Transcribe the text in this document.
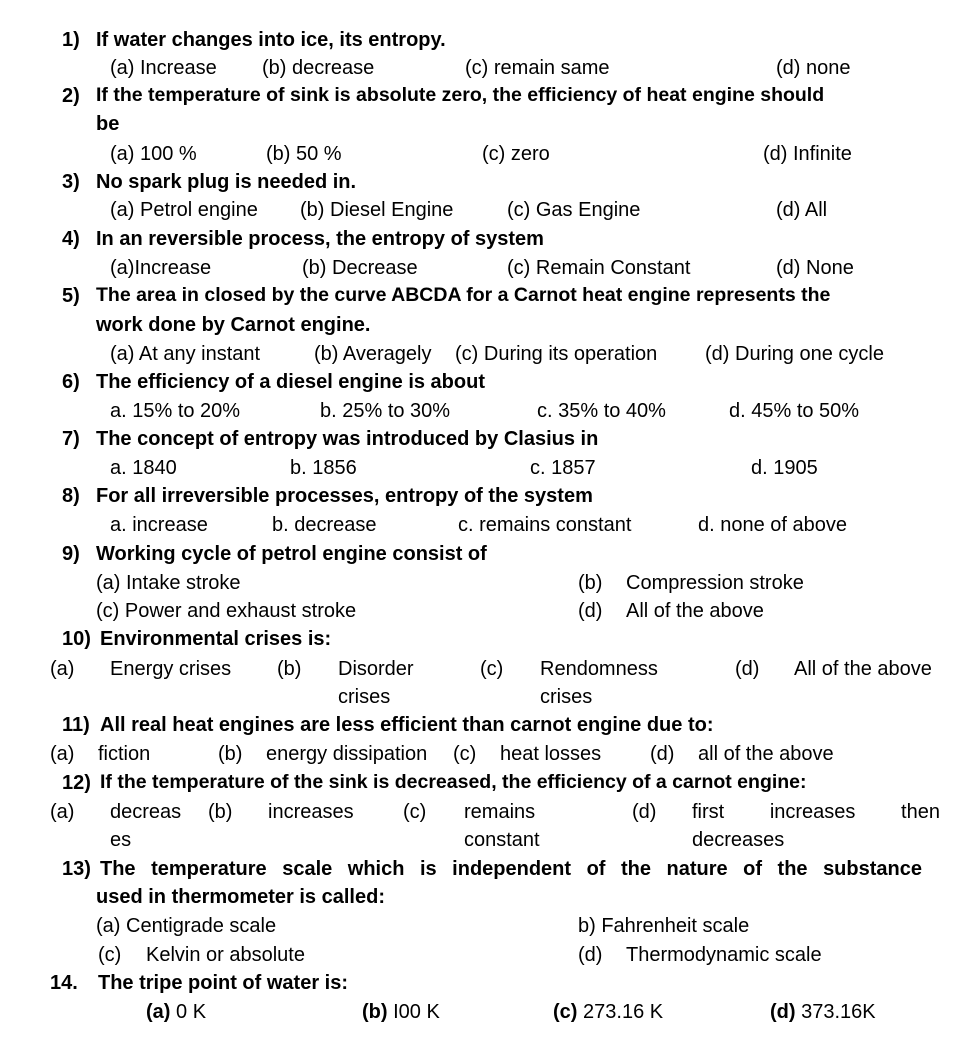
1) If water changes into ice, its entropy.
(a) Increase (b) decrease	(c) remain same	(d) none
2) If the temperature of sink is absolute zero, the efficiency of heat engine should
be
(a) 100 %	(b) 50 %	(c) zero	(d) Infinite
3) No spark plug is needed in.
(a) Petrol engine (b) Diesel Engine	(c) Gas Engine	(d) All
4) In an reversible process, the entropy of system
(a)Increase	(b) Decrease	(c) Remain Constant	(d) None
5) The area in closed by the curve ABCDA for a Carnot heat engine represents the
work done by Carnot engine.
(a) At any instant	(b) Averagely (c) During its operation (d) During one cycle
6) The efficiency of a diesel engine is about
a. 15% to 20%	b. 25% to 30%	c. 35% to 40%	d. 45% to 50%
7) The concept of entropy was introduced by Clasius in
a. 1840	b. 1856	c. 1857	d. 1905
8) For all irreversible processes, entropy of the system
a. increase	b. decrease	c. remains constant	d. none of above
9) Working cycle of petrol engine consist of
(a) Intake stroke	(b) Compression stroke
(c) Power and exhaust stroke	(d) All of the above
10) Environmental crises is:
(a) Energy crises (b) Disorder
crises
(c) Rendomness
crises
(d) All of the above
11) All real heat engines are less efficient than carnot engine due to:
(a) fiction	(b) energy dissipation (c) heat losses (d) all of the above
12) If the temperature of the sink is decreased, the efficiency of a carnot engine:
(a) decreas
es
(b) increases (c) remains
constant
(d) first increases then
decreases
13) The temperature scale which is independent of the nature of the substance
used in thermometer is called:
(a) Centigrade scale	b) Fahrenheit scale
(c) Kelvin or absolute	(d) Thermodynamic scale
14. The tripe point of water is:
(a) 0 K	(b) I00 K	(c) 273.16 K	(d) 373.16K
